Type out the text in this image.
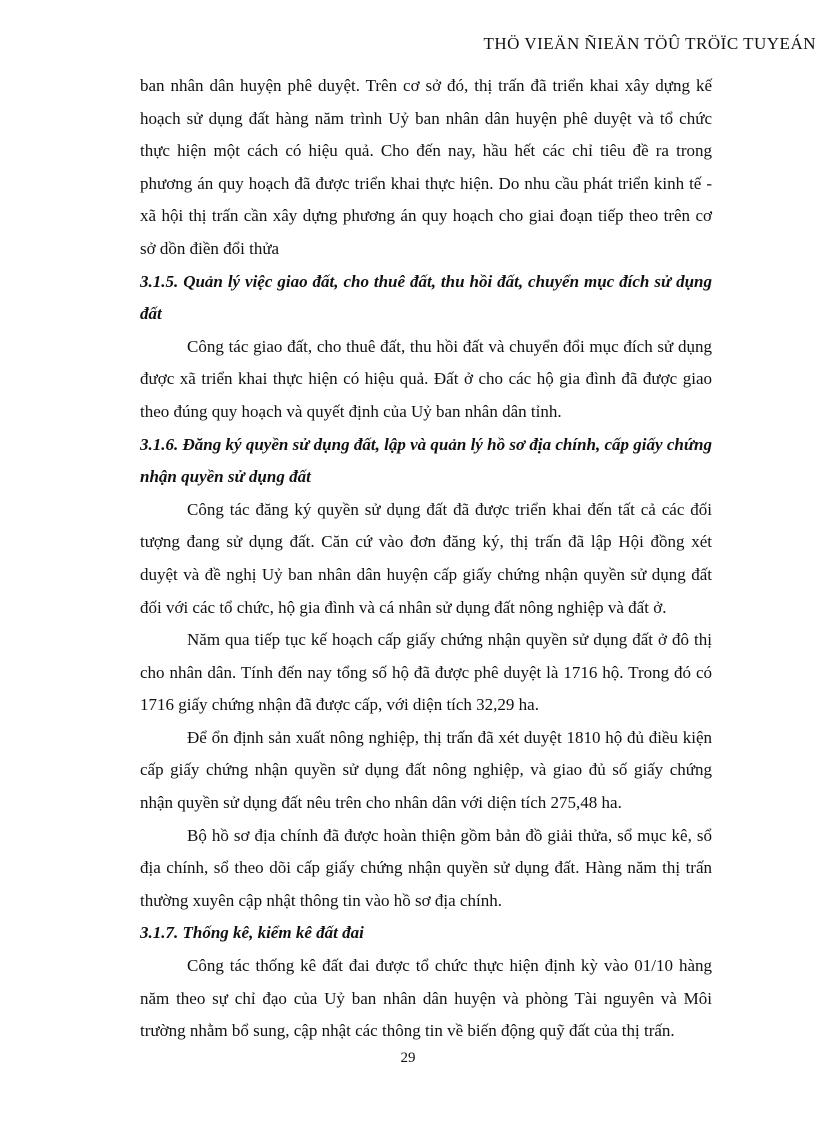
THÖ VIEÄN ÑIEÄN TÖÛ TRÖÏC TUYEÁN

ban nhân dân huyện phê duyệt. Trên cơ sở đó, thị trấn đã triển khai xây dựng kế hoạch sử dụng đất hàng năm trình Uỷ ban nhân dân huyện phê duyệt và tổ chức thực hiện một cách có hiệu quả. Cho đến nay, hầu hết các chỉ tiêu đề ra trong phương án quy hoạch đã được triển khai thực hiện. Do nhu cầu phát triển kinh tế - xã hội thị trấn cần xây dựng phương án quy hoạch cho giai đoạn tiếp theo trên cơ sở dồn điền đổi thửa

3.1.5. Quản lý việc giao đất, cho thuê đất, thu hồi đất, chuyển mục đích sử dụng đất

Công tác giao đất, cho thuê đất, thu hồi đất và chuyển đổi mục đích sử dụng được xã triển khai thực hiện có hiệu quả. Đất ở cho các hộ gia đình đã được giao theo đúng quy hoạch và quyết định của Uỷ ban nhân dân tỉnh.

3.1.6. Đăng ký quyền sử dụng đất, lập và quản lý hồ sơ địa chính, cấp giấy chứng nhận quyền sử dụng đất

Công tác đăng ký quyền sử dụng đất đã được triển khai đến tất cả các đối tượng đang sử dụng đất. Căn cứ vào đơn đăng ký, thị trấn đã lập Hội đồng xét duyệt và đề nghị Uỷ ban nhân dân huyện cấp giấy chứng nhận quyền sử dụng đất đối với các tổ chức, hộ gia đình và cá nhân sử dụng đất nông nghiệp và đất ở.

Năm qua tiếp tục kế hoạch cấp giấy chứng nhận quyền sử dụng đất ở đô thị cho nhân dân. Tính đến nay tổng số hộ đã được phê duyệt là 1716 hộ. Trong đó có 1716 giấy chứng nhận đã được cấp, với diện tích 32,29 ha.

Để ổn định sản xuất nông nghiệp, thị trấn đã xét duyệt 1810 hộ đủ điều kiện cấp giấy chứng nhận quyền sử dụng đất nông nghiệp, và giao đủ số giấy chứng nhận quyền sử dụng đất nêu trên cho nhân dân với diện tích 275,48 ha.

Bộ hồ sơ địa chính đã được hoàn thiện gồm bản đồ giải thửa, sổ mục kê, sổ địa chính, sổ theo dõi cấp giấy chứng nhận quyền sử dụng đất. Hàng năm thị trấn thường xuyên cập nhật thông tin vào hồ sơ địa chính.

3.1.7. Thống kê, kiểm kê đất đai

Công tác thống kê đất đai được tổ chức thực hiện định kỳ vào 01/10 hàng năm theo sự chỉ đạo của Uỷ ban nhân dân huyện và phòng Tài nguyên và Môi trường nhằm bổ sung, cập nhật các thông tin về biến động quỹ đất của thị trấn.

29
